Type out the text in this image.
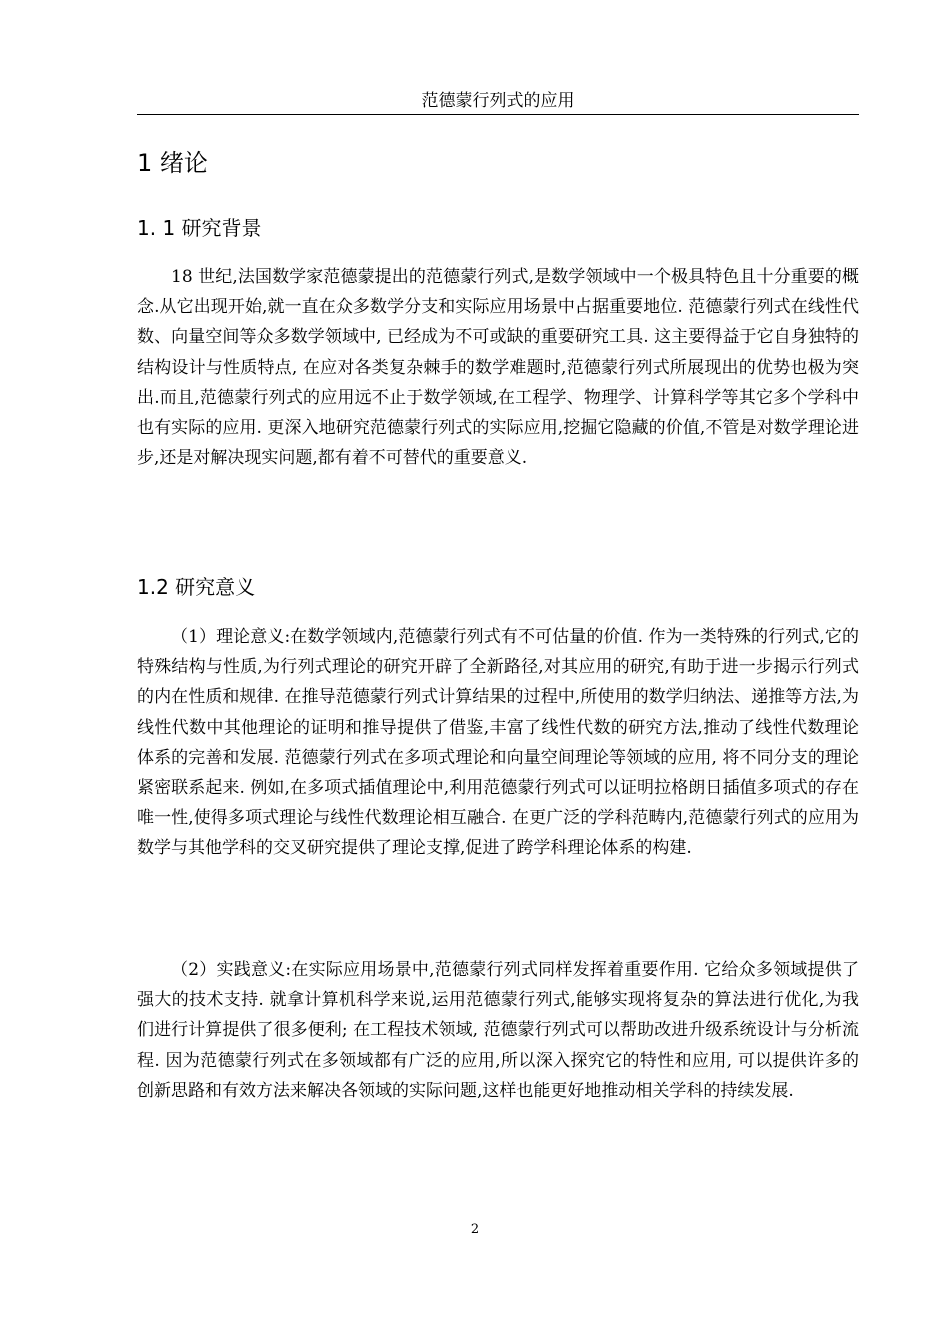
范德蒙行列式的应用
1 绪论
1. 1 研究背景

18 世纪,法国数学家范德蒙提出的范德蒙行列式,是数学领域中一个极具特色且十分重要的概念.从它出现开始,就一直在众多数学分支和实际应用场景中占据重要地位. 范德蒙行列式在线性代数、向量空间等众多数学领域中, 已经成为不可或缺的重要研究工具. 这主要得益于它自身独特的结构设计与性质特点, 在应对各类复杂棘手的数学难题时,范德蒙行列式所展现出的优势也极为突出.而且,范德蒙行列式的应用远不止于数学领域,在工程学、物理学、计算科学等其它多个学科中也有实际的应用. 更深入地研究范德蒙行列式的实际应用,挖掘它隐藏的价值,不管是对数学理论进步,还是对解决现实问题,都有着不可替代的重要意义.

1.2 研究意义

（1）理论意义:在数学领域内,范德蒙行列式有不可估量的价值. 作为一类特殊的行列式,它的特殊结构与性质,为行列式理论的研究开辟了全新路径,对其应用的研究,有助于进一步揭示行列式的内在性质和规律. 在推导范德蒙行列式计算结果的过程中,所使用的数学归纳法、递推等方法,为线性代数中其他理论的证明和推导提供了借鉴,丰富了线性代数的研究方法,推动了线性代数理论体系的完善和发展. 范德蒙行列式在多项式理论和向量空间理论等领域的应用, 将不同分支的理论紧密联系起来. 例如,在多项式插值理论中,利用范德蒙行列式可以证明拉格朗日插值多项式的存在唯一性,使得多项式理论与线性代数理论相互融合. 在更广泛的学科范畴内,范德蒙行列式的应用为数学与其他学科的交叉研究提供了理论支撑,促进了跨学科理论体系的构建.

（2）实践意义:在实际应用场景中,范德蒙行列式同样发挥着重要作用. 它给众多领域提供了强大的技术支持. 就拿计算机科学来说,运用范德蒙行列式,能够实现将复杂的算法进行优化,为我们进行计算提供了很多便利; 在工程技术领域, 范德蒙行列式可以帮助改进升级系统设计与分析流程. 因为范德蒙行列式在多领域都有广泛的应用,所以深入探究它的特性和应用, 可以提供许多的创新思路和有效方法来解决各领域的实际问题,这样也能更好地推动相关学科的持续发展.

2
